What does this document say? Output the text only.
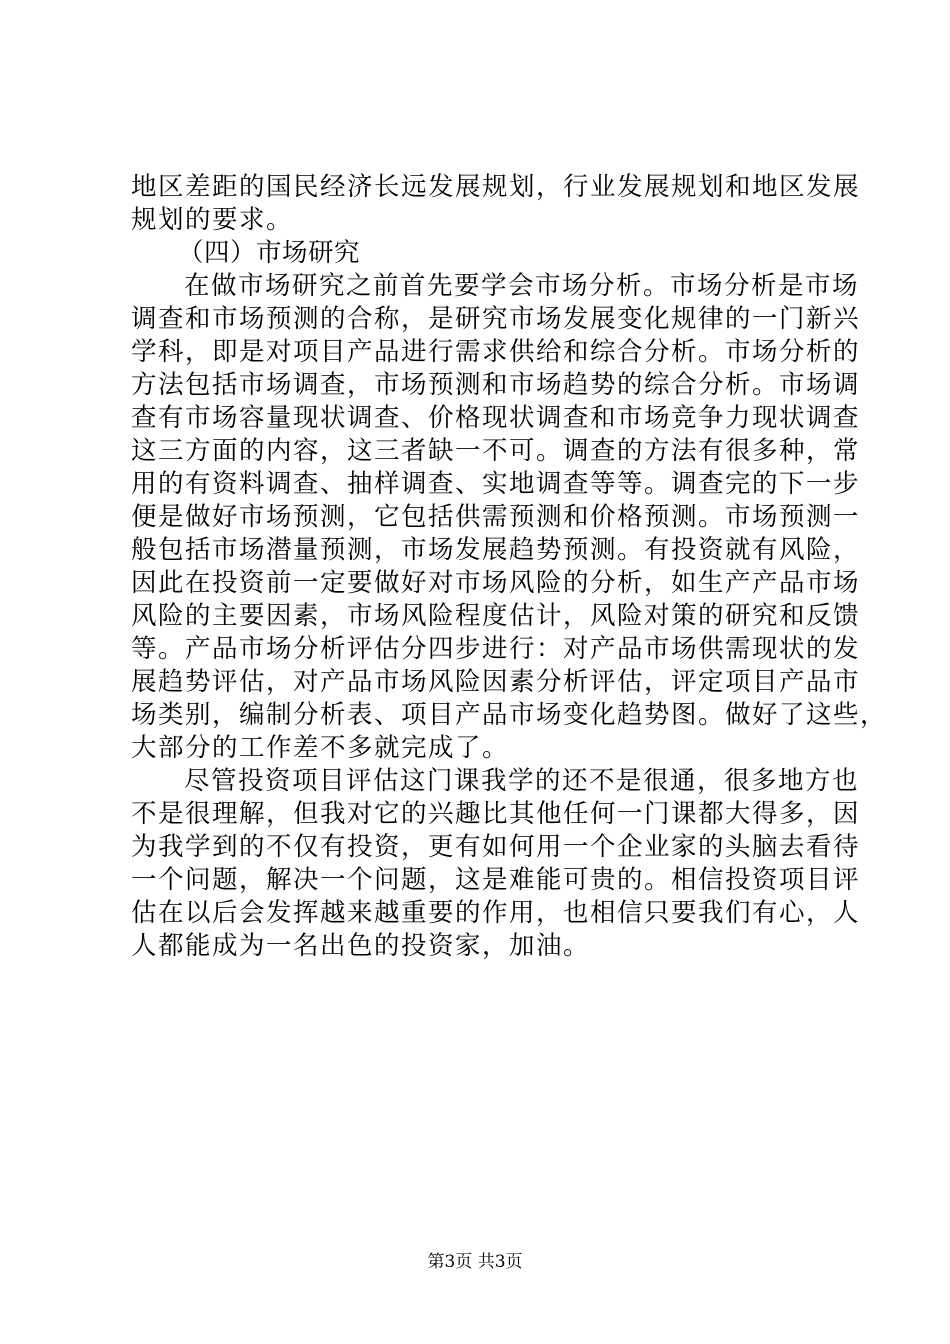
地区差距的国民经济长远发展规划，行业发展规划和地区发展
规划的要求。
（四）市场研究
在做市场研究之前首先要学会市场分析。市场分析是市场
调查和市场预测的合称，是研究市场发展变化规律的一门新兴
学科，即是对项目产品进行需求供给和综合分析。市场分析的
方法包括市场调查，市场预测和市场趋势的综合分析。市场调
查有市场容量现状调查、价格现状调查和市场竞争力现状调查
这三方面的内容，这三者缺一不可。调查的方法有很多种，常
用的有资料调查、抽样调查、实地调查等等。调查完的下一步
便是做好市场预测，它包括供需预测和价格预测。市场预测一
般包括市场潜量预测，市场发展趋势预测。有投资就有风险，
因此在投资前一定要做好对市场风险的分析，如生产产品市场
风险的主要因素，市场风险程度估计，风险对策的研究和反馈
等。产品市场分析评估分四步进行：对产品市场供需现状的发
展趋势评估，对产品市场风险因素分析评估，评定项目产品市
场类别，编制分析表、项目产品市场变化趋势图。做好了这些，
大部分的工作差不多就完成了。
尽管投资项目评估这门课我学的还不是很通，很多地方也
不是很理解，但我对它的兴趣比其他任何一门课都大得多，因
为我学到的不仅有投资，更有如何用一个企业家的头脑去看待
一个问题，解决一个问题，这是难能可贵的。相信投资项目评
估在以后会发挥越来越重要的作用，也相信只要我们有心，人
人都能成为一名出色的投资家，加油。
第3页 共3页
